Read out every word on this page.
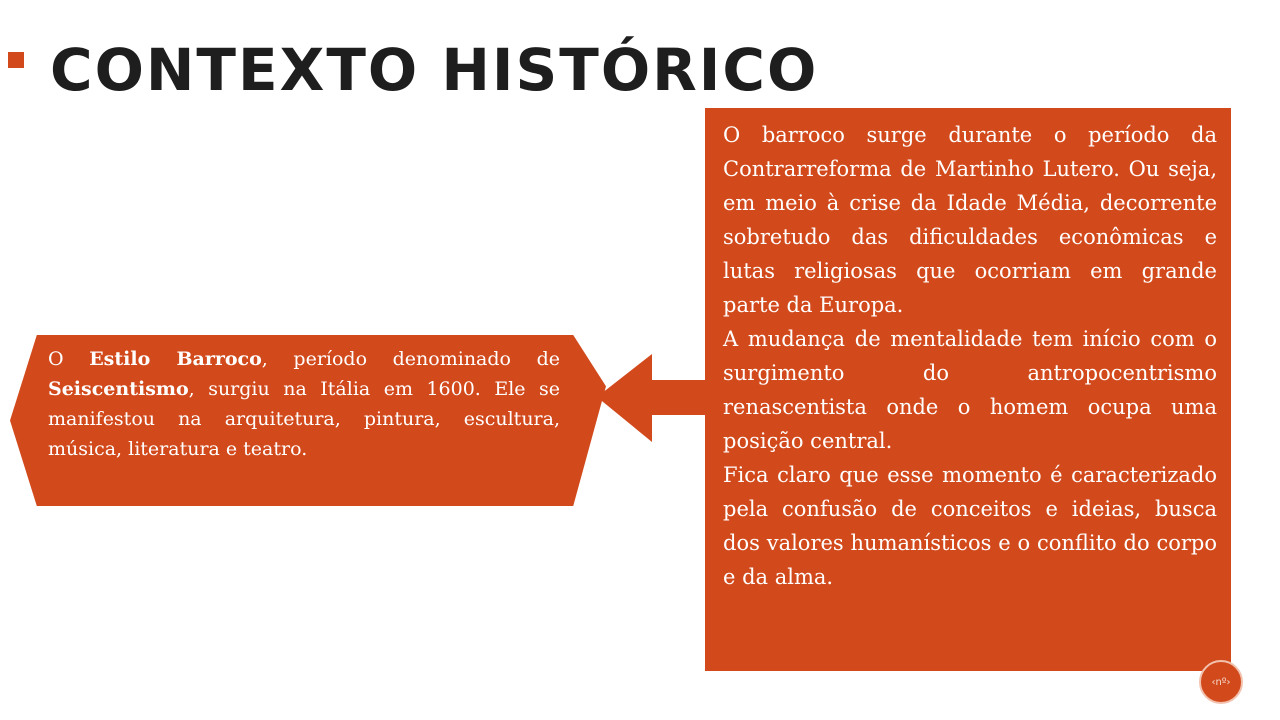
CONTEXTO HISTÓRICO
O Estilo Barroco, período denominado de Seiscentismo, surgiu na Itália em 1600. Ele se manifestou na arquitetura, pintura, escultura, música, literatura e teatro.

O barroco surge durante o período da Contrarreforma de Martinho Lutero. Ou seja, em meio à crise da Idade Média, decorrente sobretudo das dificuldades econômicas e lutas religiosas que ocorriam em grande parte da Europa.

A mudança de mentalidade tem início com o surgimento do antropocentrismo renascentista onde o homem ocupa uma posição central.

Fica claro que esse momento é caracterizado pela confusão de conceitos e ideias, busca dos valores humanísticos e o conflito do corpo e da alma.

‹nº›
